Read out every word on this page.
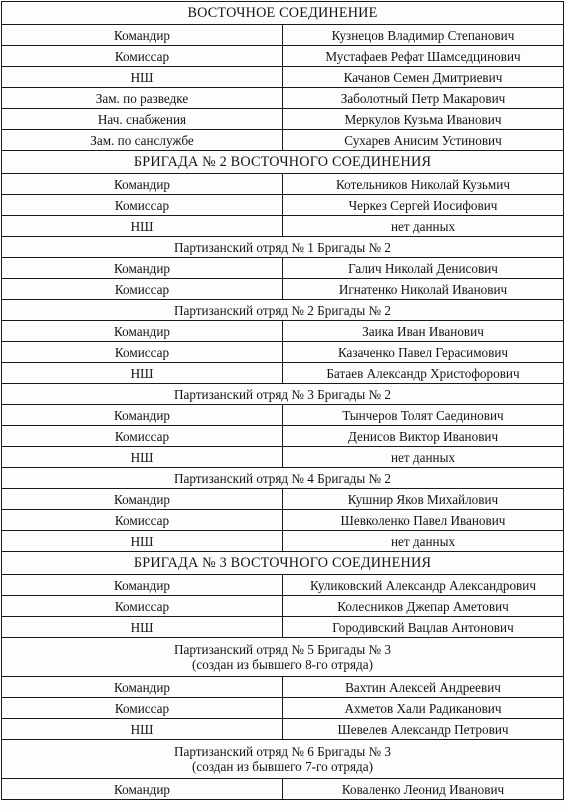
ВОСТОЧНОЕ СОЕДИНЕНИЕ	
Командир	Кузнецов Владимир Степанович
Комиссар	Мустафаев Рефат Шамседцинович
НШ	Качанов Семен Дмитриевич
Зам. по разведке	Заболотный Петр Макарович
Нач. снабжения	Меркулов Кузьма Иванович
Зам. по санслужбе	Сухарев Анисим Устинович
БРИГАДА № 2 ВОСТОЧНОГО СОЕДИНЕНИЯ	
Командир	Котельников Николай Кузьмич
Комиссар	Черкез Сергей Иосифович
НШ	нет данных

Партизанский отряд № 1 Бригады № 2	

Командир	Галич Николай Денисович
Комиссар	Игнатенко Николай Иванович

Партизанский отряд № 2 Бригады № 2	

Командир	Заика Иван Иванович
Комиссар	Казаченко Павел Герасимович
НШ	Батаев Александр Христофорович

Партизанский отряд № 3 Бригады № 2	

Командир	Тынчеров Толят Саединович
Комиссар	Денисов Виктор Иванович
НШ	нет данных

Партизанский отряд № 4 Бригады № 2	

Командир	Кушнир Яков Михайлович
Комиссар	Шевколенко Павел Иванович
НШ	нет данных
БРИГАДА № 3 ВОСТОЧНОГО СОЕДИНЕНИЯ	
Командир	Куликовский Александр Александрович
Комиссар	Колесников Джепар Аметович
НШ	Городивский Вацлав Антонович

Партизанский отряд № 5 Бригады № 3
(создан из бывшего 8-го отряда)	

Командир	Вахтин Алексей Андреевич
Комиссар	Ахметов Хали Радиканович
НШ	Шевелев Александр Петрович

Партизанский отряд № 6 Бригады № 3
(создан из бывшего 7-го отряда)	

Командир	Коваленко Леонид Иванович
